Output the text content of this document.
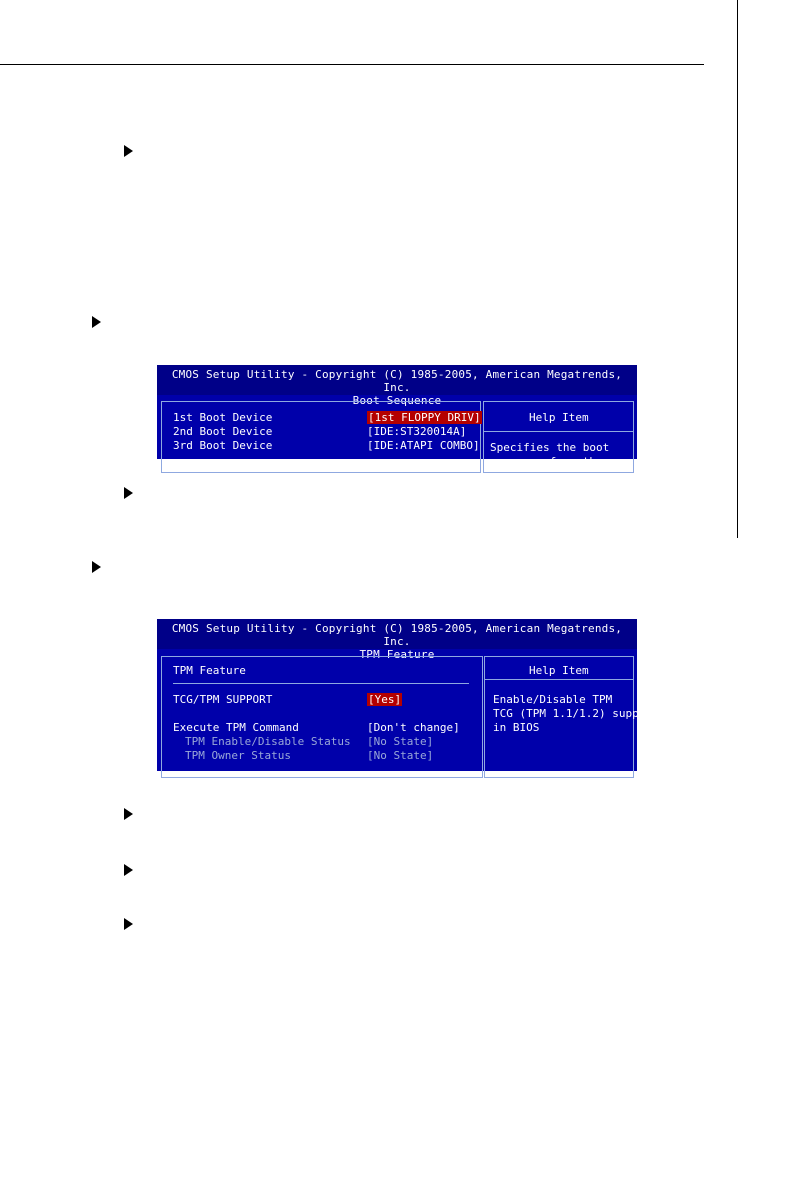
CMOS Setup Utility - Copyright (C) 1985-2005, American Megatrends, Inc.
Boot Sequence
1st Boot Device	[1st FLOPPY DRIV]
2nd Boot Device	[IDE:ST320014A]
3rd Boot Device	[IDE:ATAPI COMBO]
Help Item
Specifies the boot
sequence from the
CMOS Setup Utility - Copyright (C) 1985-2005, American Megatrends, Inc.
TPM Feature
TPM Feature	Help Item
TCG/TPM SUPPORT	[Yes]
Execute TPM Command	[Don't change]
TPM Enable/Disable Status [No State]
TPM Owner Status	[No State]
Enable/Disable TPM
TCG (TPM 1.1/1.2) supp
in BIOS
